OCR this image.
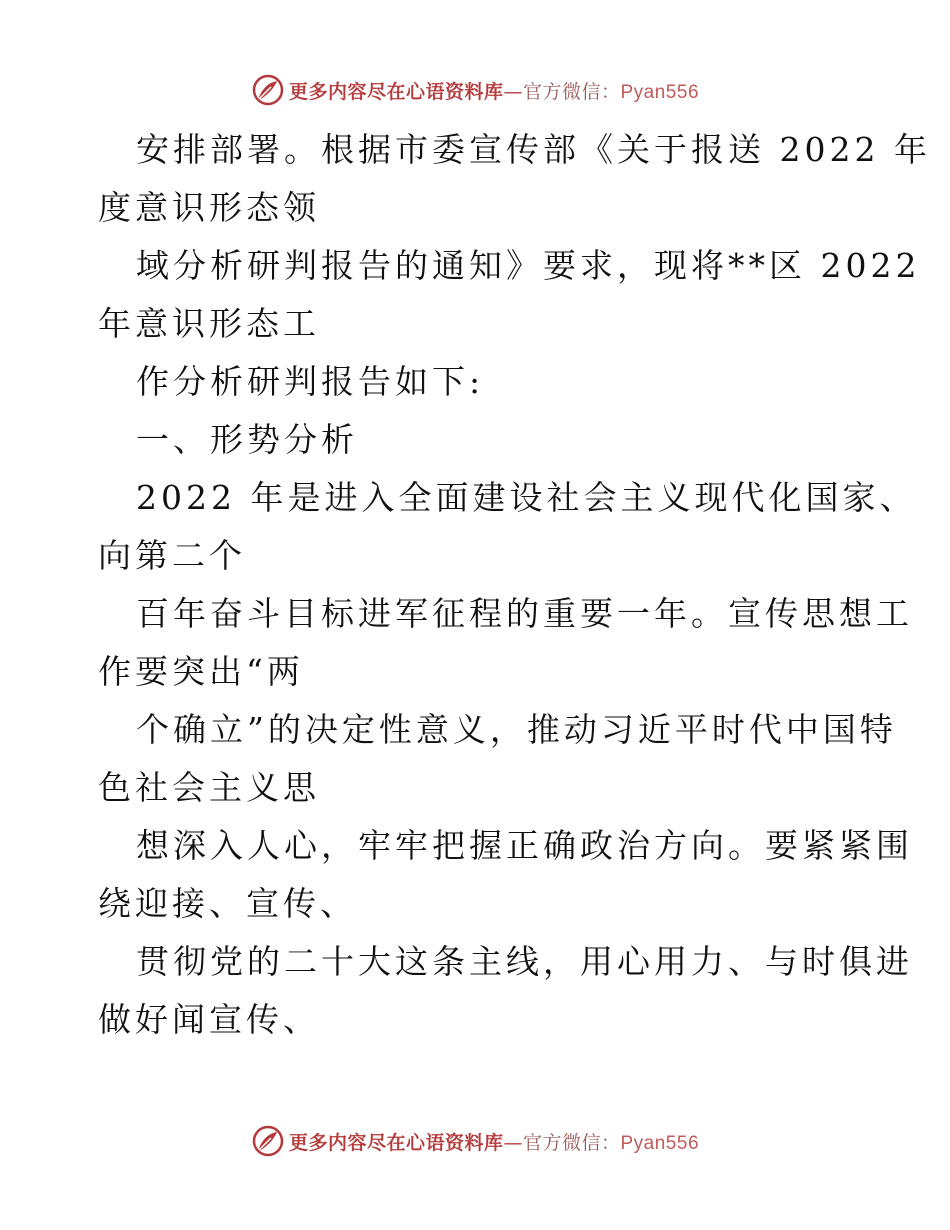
更多内容尽在心语资料库—官方微信：Pyan556
安排部署。根据市委宣传部《关于报送 2022 年
度意识形态领
域分析研判报告的通知》要求，现将**区 2022
年意识形态工
作分析研判报告如下:
一、形势分析
2022 年是进入全面建设社会主义现代化国家、
向第二个
百年奋斗目标进军征程的重要一年。宣传思想工
作要突出“两
个确立”的决定性意义，推动习近平时代中国特
色社会主义思
想深入人心，牢牢把握正确政治方向。要紧紧围
绕迎接、宣传、
贯彻党的二十大这条主线，用心用力、与时俱进
做好闻宣传、
更多内容尽在心语资料库—官方微信：Pyan556
